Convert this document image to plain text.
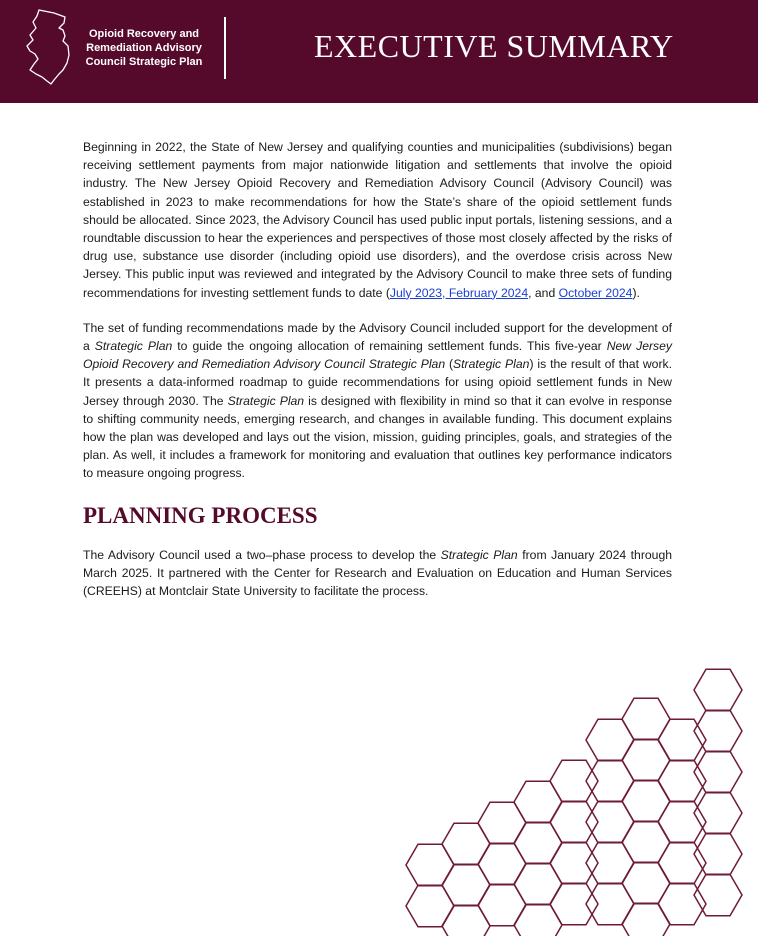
Opioid Recovery and Remediation Advisory Council Strategic Plan	EXECUTIVE SUMMARY

Beginning in 2022, the State of New Jersey and qualifying counties and municipalities (subdivisions) began receiving settlement payments from major nationwide litigation and settlements that involve the opioid industry. The New Jersey Opioid Recovery and Remediation Advisory Council (Advisory Council) was established in 2023 to make recommendations for how the State’s share of the opioid settlement funds should be allocated. Since 2023, the Advisory Council has used public input portals, listening sessions, and a roundtable discussion to hear the experiences and perspectives of those most closely affected by the risks of drug use, substance use disorder (including opioid use disorders), and the overdose crisis across New Jersey. This public input was reviewed and integrated by the Advisory Council to make three sets of funding recommendations for investing settlement funds to date (July 2023, February 2024, and October 2024).

The set of funding recommendations made by the Advisory Council included support for the development of a Strategic Plan to guide the ongoing allocation of remaining settlement funds. This five-year New Jersey Opioid Recovery and Remediation Advisory Council Strategic Plan (Strategic Plan) is the result of that work. It presents a data-informed roadmap to guide recommendations for using opioid settlement funds in New Jersey through 2030. The Strategic Plan is designed with flexibility in mind so that it can evolve in response to shifting community needs, emerging research, and changes in available funding. This document explains how the plan was developed and lays out the vision, mission, guiding principles, goals, and strategies of the plan. As well, it includes a framework for monitoring and evaluation that outlines key performance indicators to measure ongoing progress.

PLANNING PROCESS

The Advisory Council used a two–phase process to develop the Strategic Plan from January 2024 through March 2025. It partnered with the Center for Research and Evaluation on Education and Human Services (CREEHS) at Montclair State University to facilitate the process.
